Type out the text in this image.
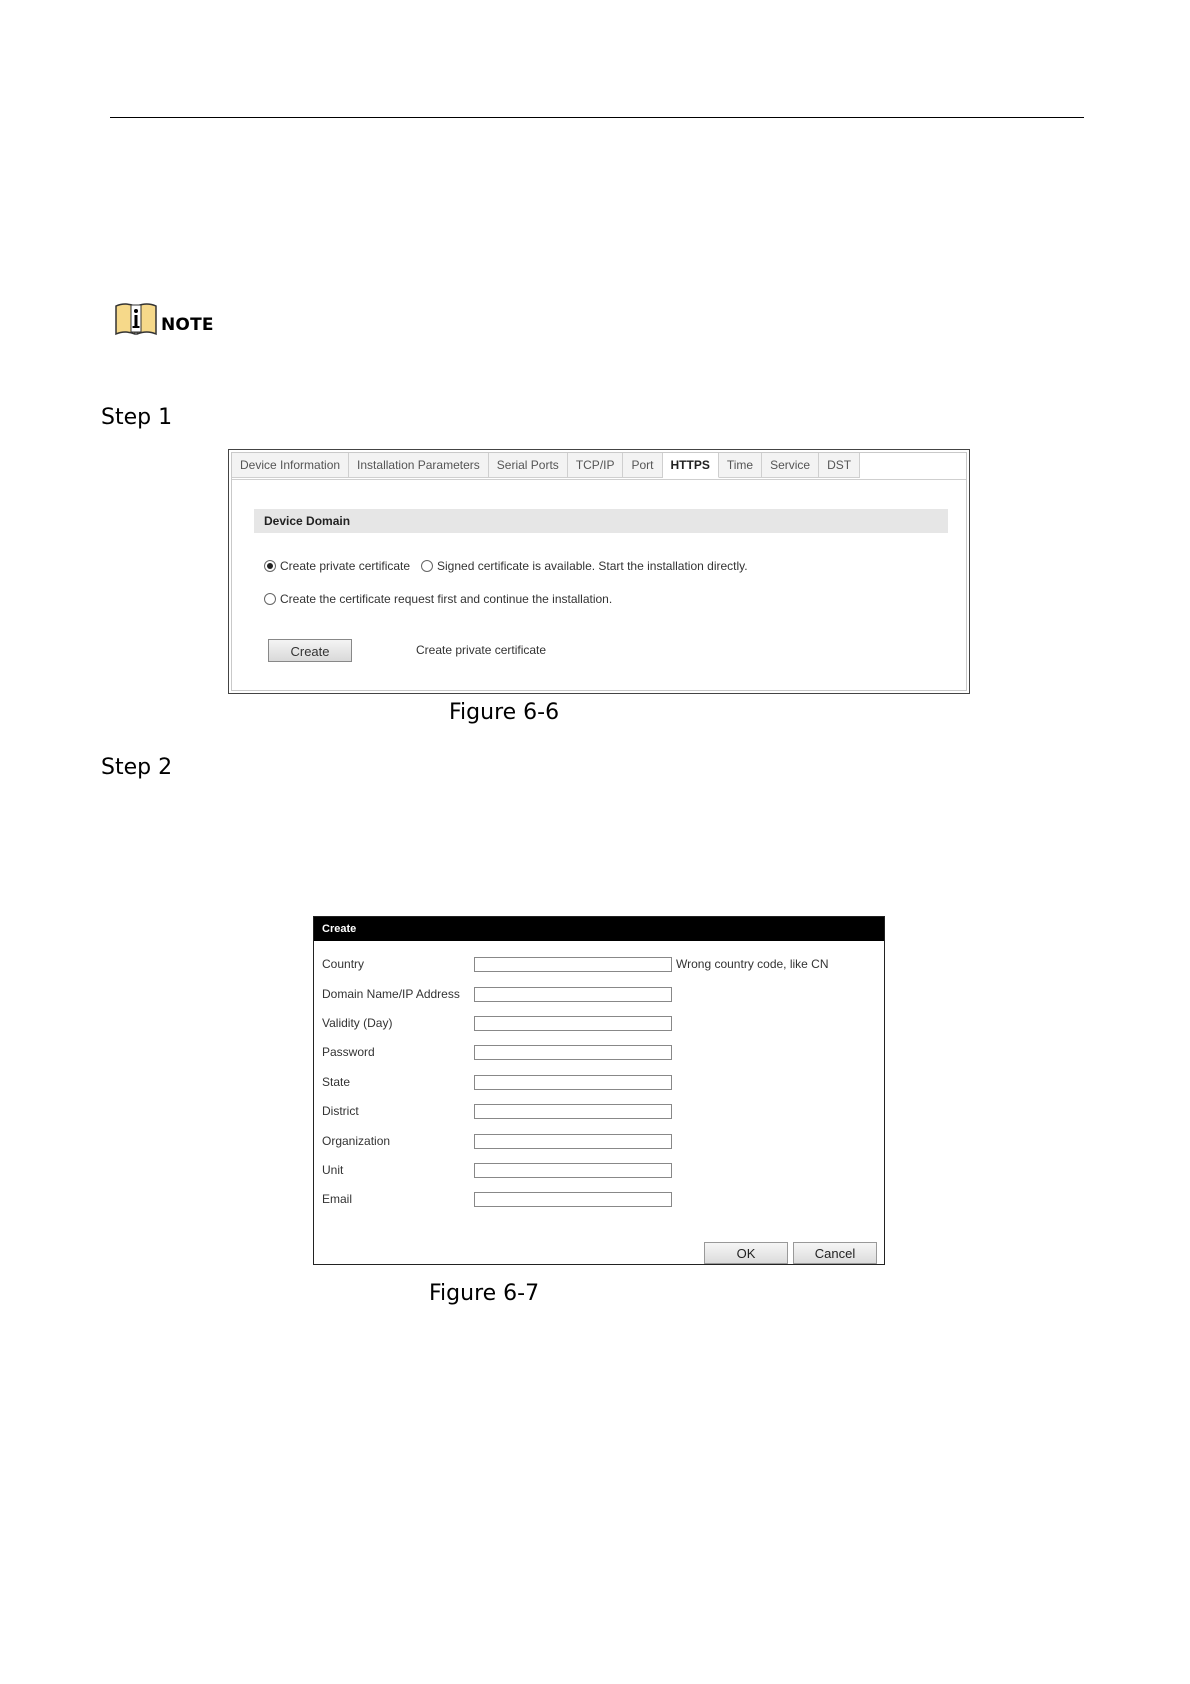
NOTE
Step 1
Device Information	Installation Parameters	Serial Ports	TCP/IP	Port	HTTPS	Time	Service	DST
Device Domain
Create private certificate Signed certificate is available. Start the installation directly.
Create the certificate request first and continue the installation.
Create	Create private certificate
Figure 6-6
Step 2
Create
Country	Wrong country code, like CN
Domain Name/IP Address
Validity (Day)
Password
State
District
Organization
Unit
Email
OK	Cancel
Figure 6-7
